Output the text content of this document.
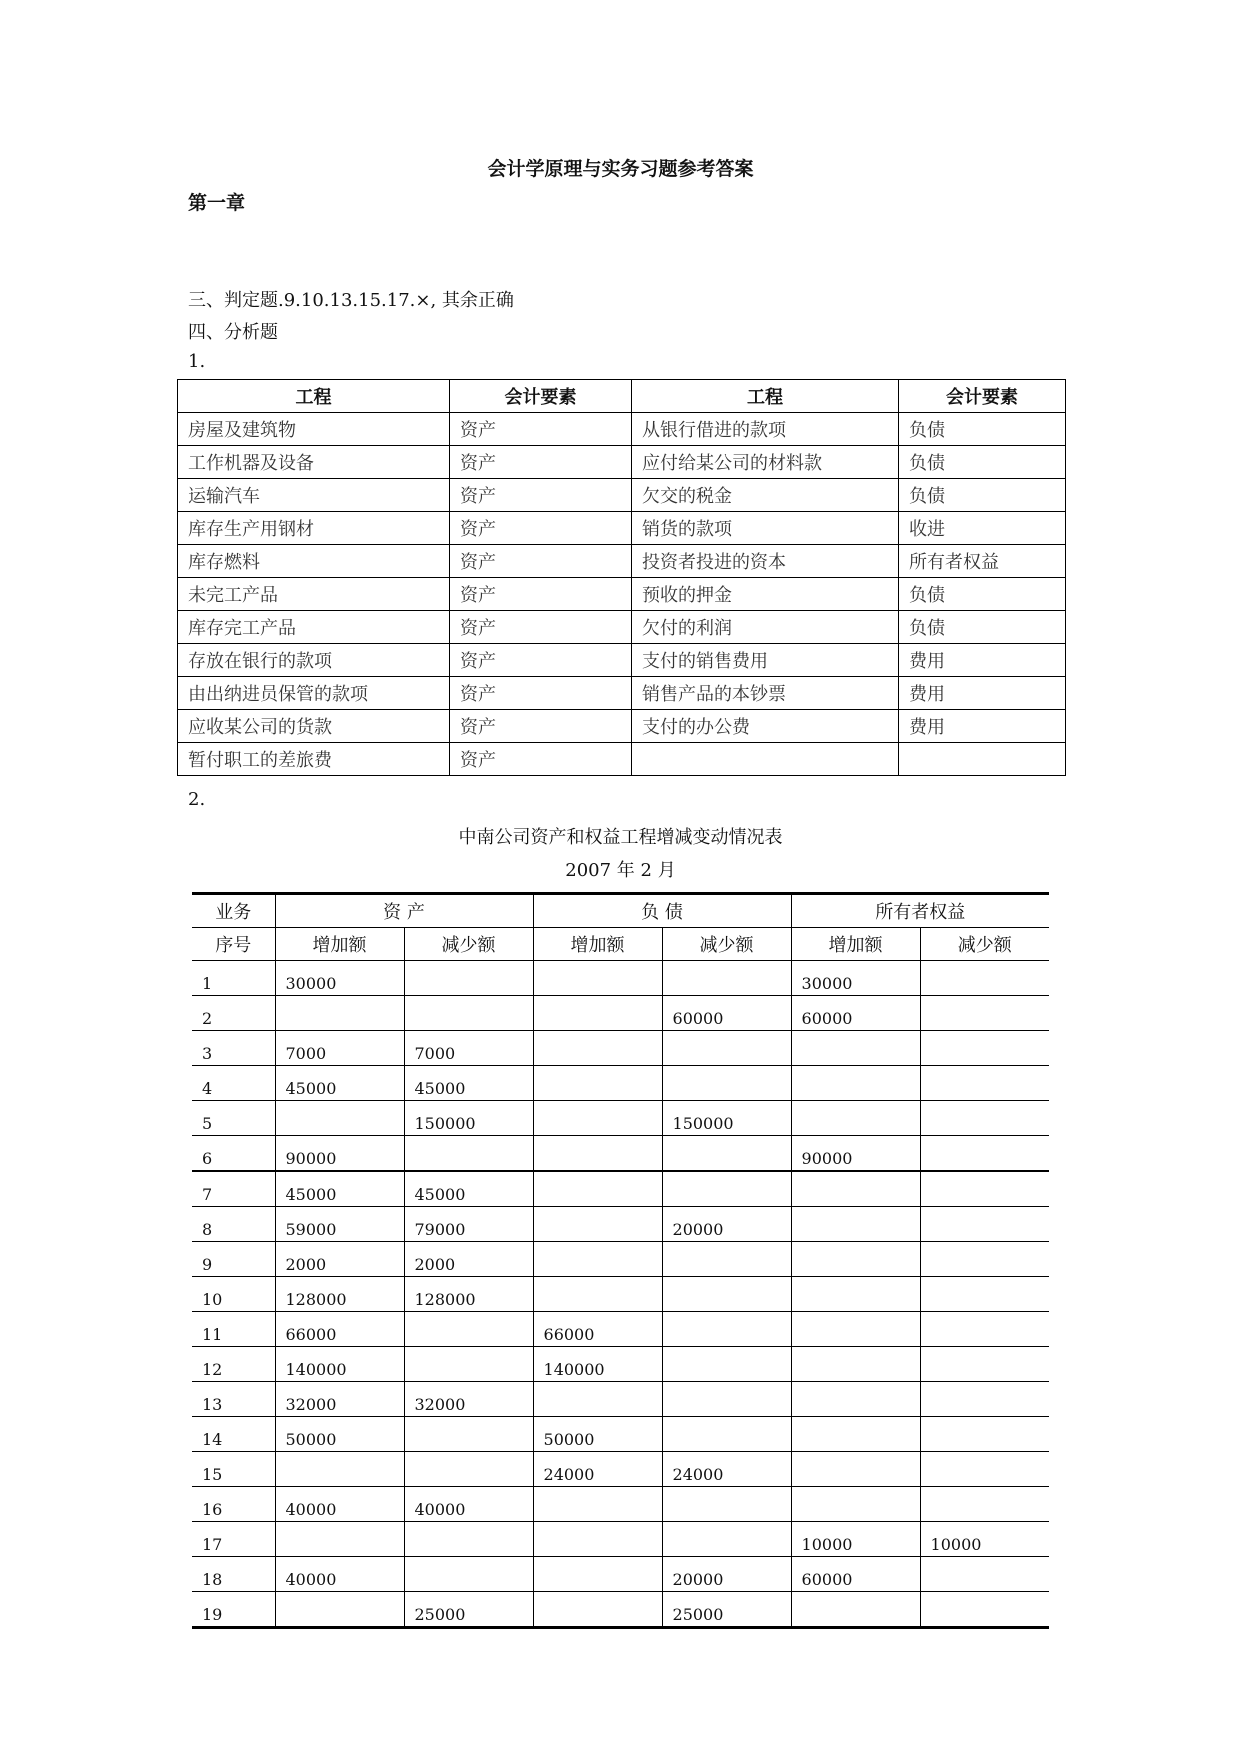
会计学原理与实务习题参考答案
第一章
三、判定题.9.10.13.15.17.×, 其余正确
四、分析题
1.
工程	会计要素	工程	会计要素
房屋及建筑物	资产	从银行借进的款项	负债
工作机器及设备	资产	应付给某公司的材料款	负债
运输汽车	资产	欠交的税金	负债
库存生产用钢材	资产	销货的款项	收进
库存燃料	资产	投资者投进的资本	所有者权益
未完工产品	资产	预收的押金	负债
库存完工产品	资产	欠付的利润	负债
存放在银行的款项	资产	支付的销售费用	费用
由出纳进员保管的款项	资产	销售产品的本钞票	费用
应收某公司的货款	资产	支付的办公费	费用
暂付职工的差旅费	资产		
2.
中南公司资产和权益工程增减变动情况表
2007 年 2 月
业务	资 产		负 债		所有者权益	
序号	增加额	减少额	增加额	减少额	增加额	减少额
1	30000				30000	
2				60000	60000	
3	7000	7000				
4	45000	45000				
5		150000		150000		
6	90000				90000	
7	45000	45000				
8	59000	79000		20000		
9	2000	2000				
10	128000	128000				
11	66000		66000			
12	140000		140000			
13	32000	32000				
14	50000		50000			
15			24000	24000		
16	40000	40000				
17					10000	10000
18	40000			20000	60000	
19		25000		25000		
